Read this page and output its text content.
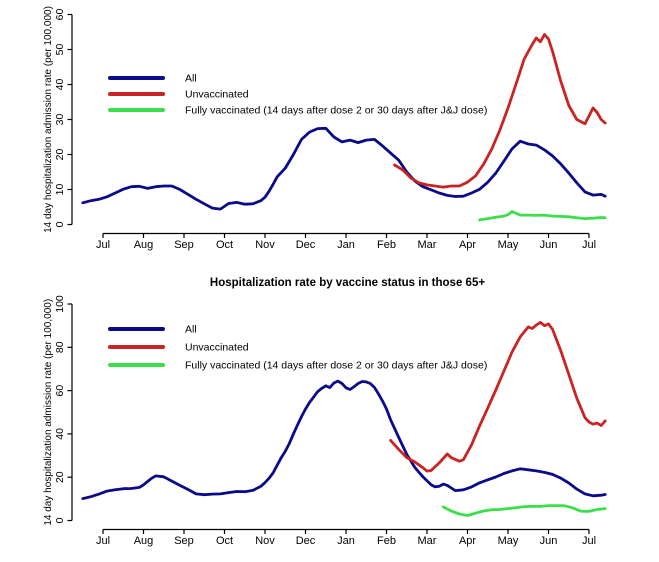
0
10
20
30
40
50
60
Jul Aug Sep Oct Nov Dec Jan Feb Mar Apr May Jun Jul
14 day hospitalization admission rate (per 100,000)	All
Unvaccinated
Fully vaccinated (14 days after dose 2 or 30 days after J&J dose)
Hospitalization rate by vaccine status in those 65+
0
20
40
60
80
100
Jul Aug Sep Oct Nov Dec Jan Feb Mar Apr May Jun Jul
14 day hospitalization admission rate (per 100,000)	All
Unvaccinated
Fully vaccinated (14 days after dose 2 or 30 days after J&J dose)
